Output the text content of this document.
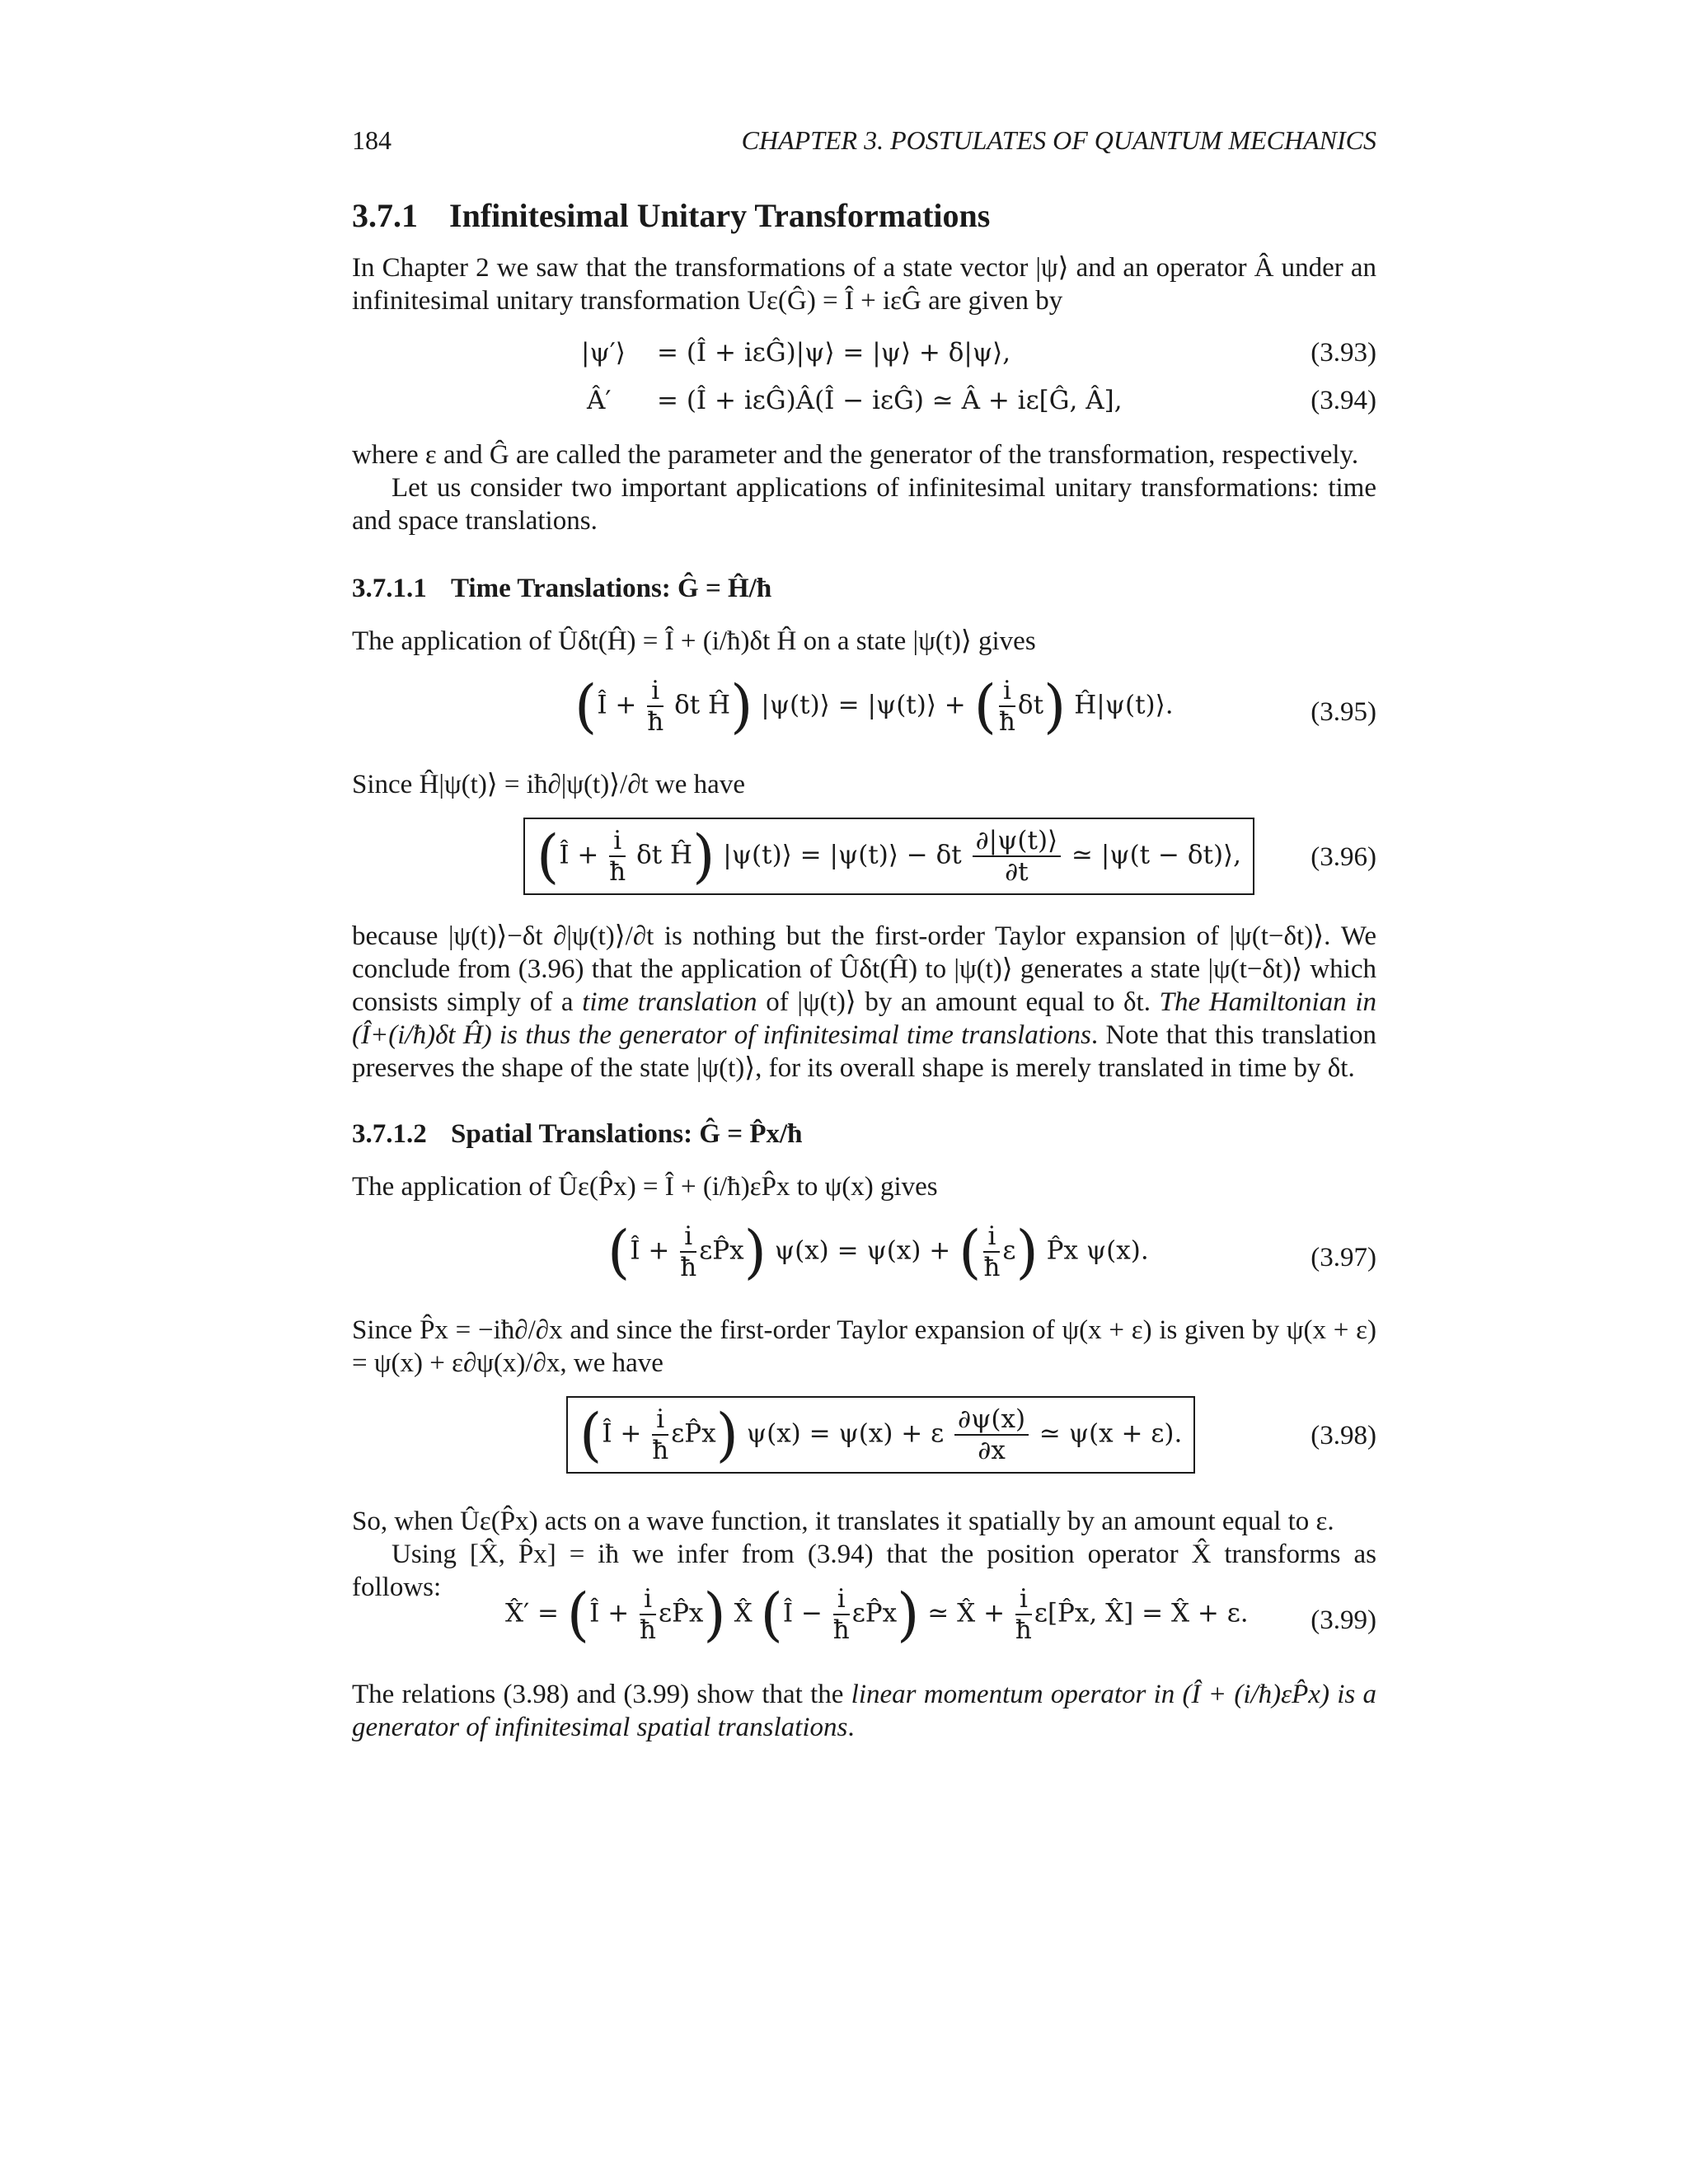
184	CHAPTER 3. POSTULATES OF QUANTUM MECHANICS
3.7.1 Infinitesimal Unitary Transformations

In Chapter 2 we saw that the transformations of a state vector |ψ⟩ and an operator Â under an infinitesimal unitary transformation Uε(Ĝ) = Î + iεĜ are given by

|ψ′⟩ = (Î + iεĜ)|ψ⟩ = |ψ⟩ + δ|ψ⟩,	(3.93)
Â′ = (Î + iεĜ)Â(Î − iεĜ) ≃ Â + iε[Ĝ, Â],	(3.94)

where ε and Ĝ are called the parameter and the generator of the transformation, respectively.
Let us consider two important applications of infinitesimal unitary transformations: time and space translations.

3.7.1.1 Time Translations: Ĝ = Ĥ/ħ

The application of Ûδt(Ĥ) = Î + (i/ħ)δt Ĥ on a state |ψ(t)⟩ gives

(Î + $\frac{i}{ħ}$ δt Ĥ) |ψ(t)⟩ = |ψ(t)⟩ + ( $\frac{i}{ħ} \delta t$) Ĥ|ψ(t)⟩.	(3.95)

Since Ĥ|ψ(t)⟩ = iħ∂|ψ(t)⟩/∂t we have

(Î + $\frac{i}{ħ}$ δt Ĥ) |ψ(t)⟩ = |ψ(t)⟩ − δt $\frac{\partial|\psi(t)⟩}{\partial t}$ ≃ |ψ(t − δt)⟩,	(3.96)

because |ψ(t)⟩−δt ∂|ψ(t)⟩/∂t is nothing but the first-order Taylor expansion of |ψ(t−δt)⟩. We conclude from (3.96) that the application of Ûδt(Ĥ) to |ψ(t)⟩ generates a state |ψ(t−δt)⟩ which consists simply of a time translation of |ψ(t)⟩ by an amount equal to δt. The Hamiltonian in (Î+(i/ħ)δt Ĥ) is thus the generator of infinitesimal time translations. Note that this translation preserves the shape of the state |ψ(t)⟩, for its overall shape is merely translated in time by δt.

3.7.1.2 Spatial Translations: Ĝ = P̂x/ħ

The application of Ûε(P̂x) = Î + (i/ħ)εP̂x to ψ(x) gives

(Î + $\frac{i}{ħ}$ εP̂x) ψ(x) = ψ(x) + ( $\frac{i}{ħ} \varepsilon$) P̂x ψ(x).	(3.97)

Since P̂x = −iħ∂/∂x and since the first-order Taylor expansion of ψ(x + ε) is given by ψ(x + ε) = ψ(x) + ε∂ψ(x)/∂x, we have

(Î + $\frac{i}{ħ}$ εP̂x) ψ(x) = ψ(x) + ε $\frac{\partial\psi(x)}{\partial x}$ ≃ ψ(x + ε).	(3.98)

So, when Ûε(P̂x) acts on a wave function, it translates it spatially by an amount equal to ε.
Using [X̂, P̂x] = iħ we infer from (3.94) that the position operator X̂ transforms as follows:

X̂′ = (Î + $\frac{i}{ħ}$ εP̂x) X̂ (Î − $\frac{i}{ħ}$ εP̂x) ≃ X̂ + $\frac{i}{ħ}$ ε[P̂x, X̂] = X̂ + ε. (3.99)

The relations (3.98) and (3.99) show that the linear momentum operator in (Î + (i/ħ)εP̂x) is a generator of infinitesimal spatial translations.
